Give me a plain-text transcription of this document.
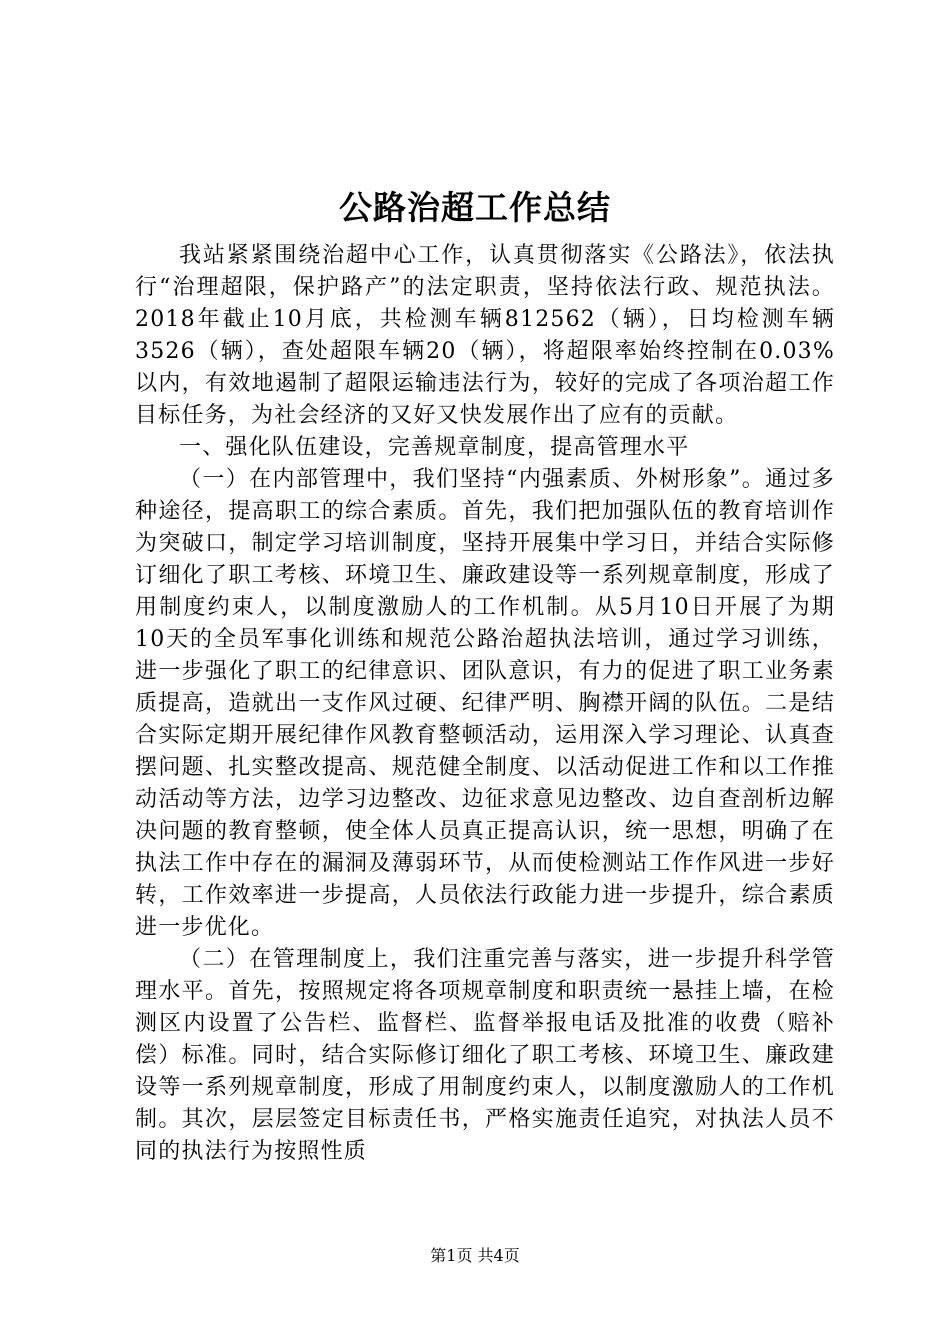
公路治超工作总结

我站紧紧围绕治超中心工作，认真贯彻落实《公路法》，依法执行“治理超限，保护路产”的法定职责，坚持依法行政、规范执法。2018年截止10月底，共检测车辆812562（辆），日均检测车辆3526（辆），查处超限车辆20（辆），将超限率始终控制在0.03%以内，有效地遏制了超限运输违法行为，较好的完成了各项治超工作目标任务，为社会经济的又好又快发展作出了应有的贡献。

一、强化队伍建设，完善规章制度，提高管理水平

（一）在内部管理中，我们坚持“内强素质、外树形象”。通过多种途径，提高职工的综合素质。首先，我们把加强队伍的教育培训作为突破口，制定学习培训制度，坚持开展集中学习日，并结合实际修订细化了职工考核、环境卫生、廉政建设等一系列规章制度，形成了用制度约束人，以制度激励人的工作机制。从5月10日开展了为期10天的全员军事化训练和规范公路治超执法培训，通过学习训练，进一步强化了职工的纪律意识、团队意识，有力的促进了职工业务素质提高，造就出一支作风过硬、纪律严明、胸襟开阔的队伍。二是结合实际定期开展纪律作风教育整顿活动，运用深入学习理论、认真查摆问题、扎实整改提高、规范健全制度、以活动促进工作和以工作推动活动等方法，边学习边整改、边征求意见边整改、边自查剖析边解决问题的教育整顿，使全体人员真正提高认识，统一思想，明确了在执法工作中存在的漏洞及薄弱环节，从而使检测站工作作风进一步好转，工作效率进一步提高，人员依法行政能力进一步提升，综合素质进一步优化。

（二）在管理制度上，我们注重完善与落实，进一步提升科学管理水平。首先，按照规定将各项规章制度和职责统一悬挂上墙，在检测区内设置了公告栏、监督栏、监督举报电话及批准的收费（赔补偿）标准。同时，结合实际修订细化了职工考核、环境卫生、廉政建设等一系列规章制度，形成了用制度约束人，以制度激励人的工作机制。其次，层层签定目标责任书，严格实施责任追究，对执法人员不同的执法行为按照性质

第1页 共4页
